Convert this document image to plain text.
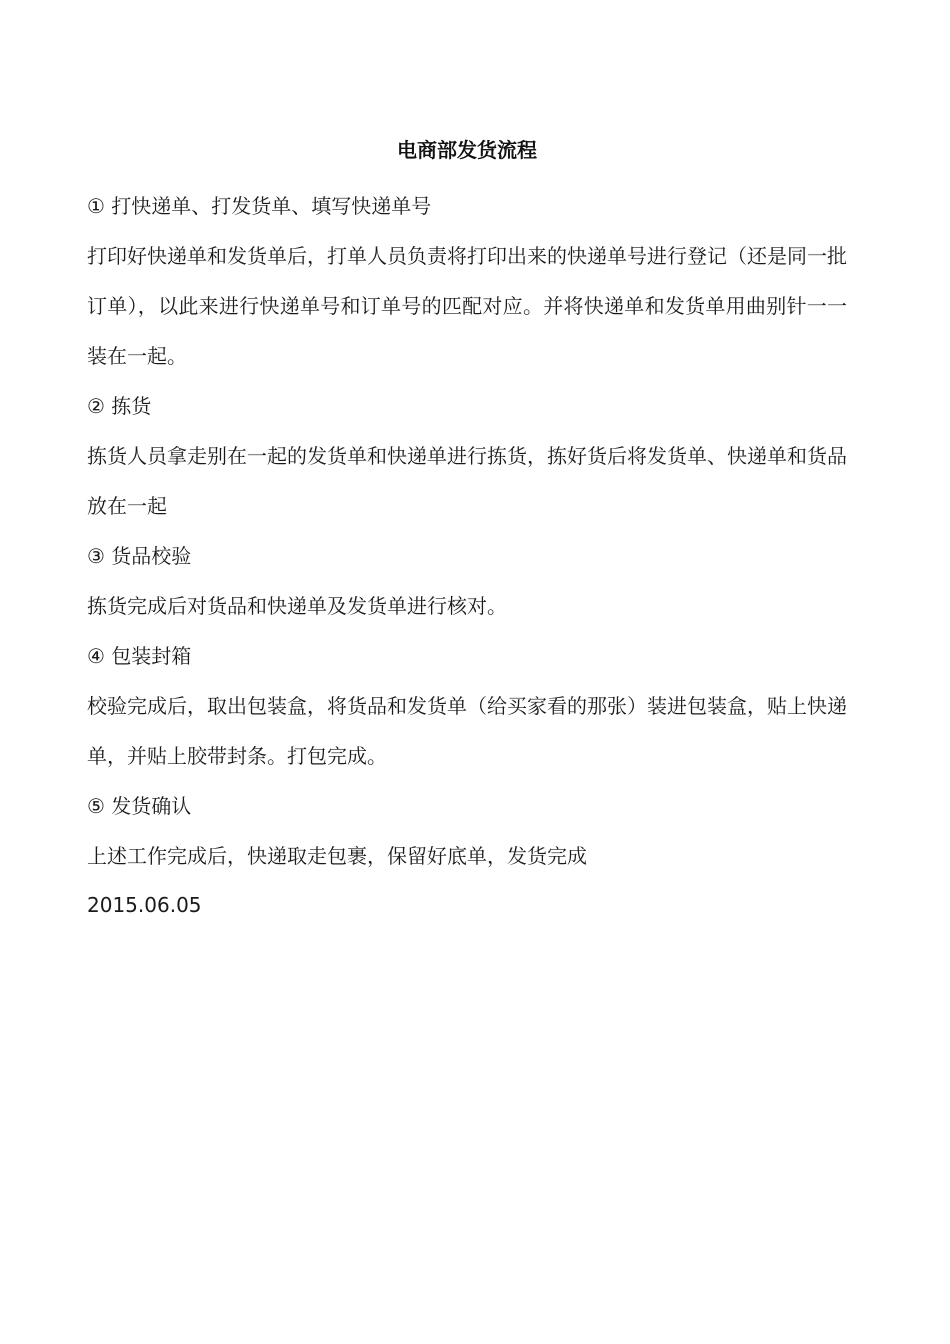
电商部发货流程
① 打快递单、打发货单、填写快递单号

打印好快递单和发货单后，打单人员负责将打印出来的快递单号进行登记（还是同一批订单），以此来进行快递单号和订单号的匹配对应。并将快递单和发货单用曲别针一一装在一起。

② 拣货

拣货人员拿走别在一起的发货单和快递单进行拣货，拣好货后将发货单、快递单和货品放在一起

③ 货品校验

拣货完成后对货品和快递单及发货单进行核对。

④ 包装封箱

校验完成后，取出包装盒，将货品和发货单（给买家看的那张）装进包装盒，贴上快递单，并贴上胶带封条。打包完成。

⑤ 发货确认

上述工作完成后，快递取走包裹，保留好底单，发货完成

2015.06.05
